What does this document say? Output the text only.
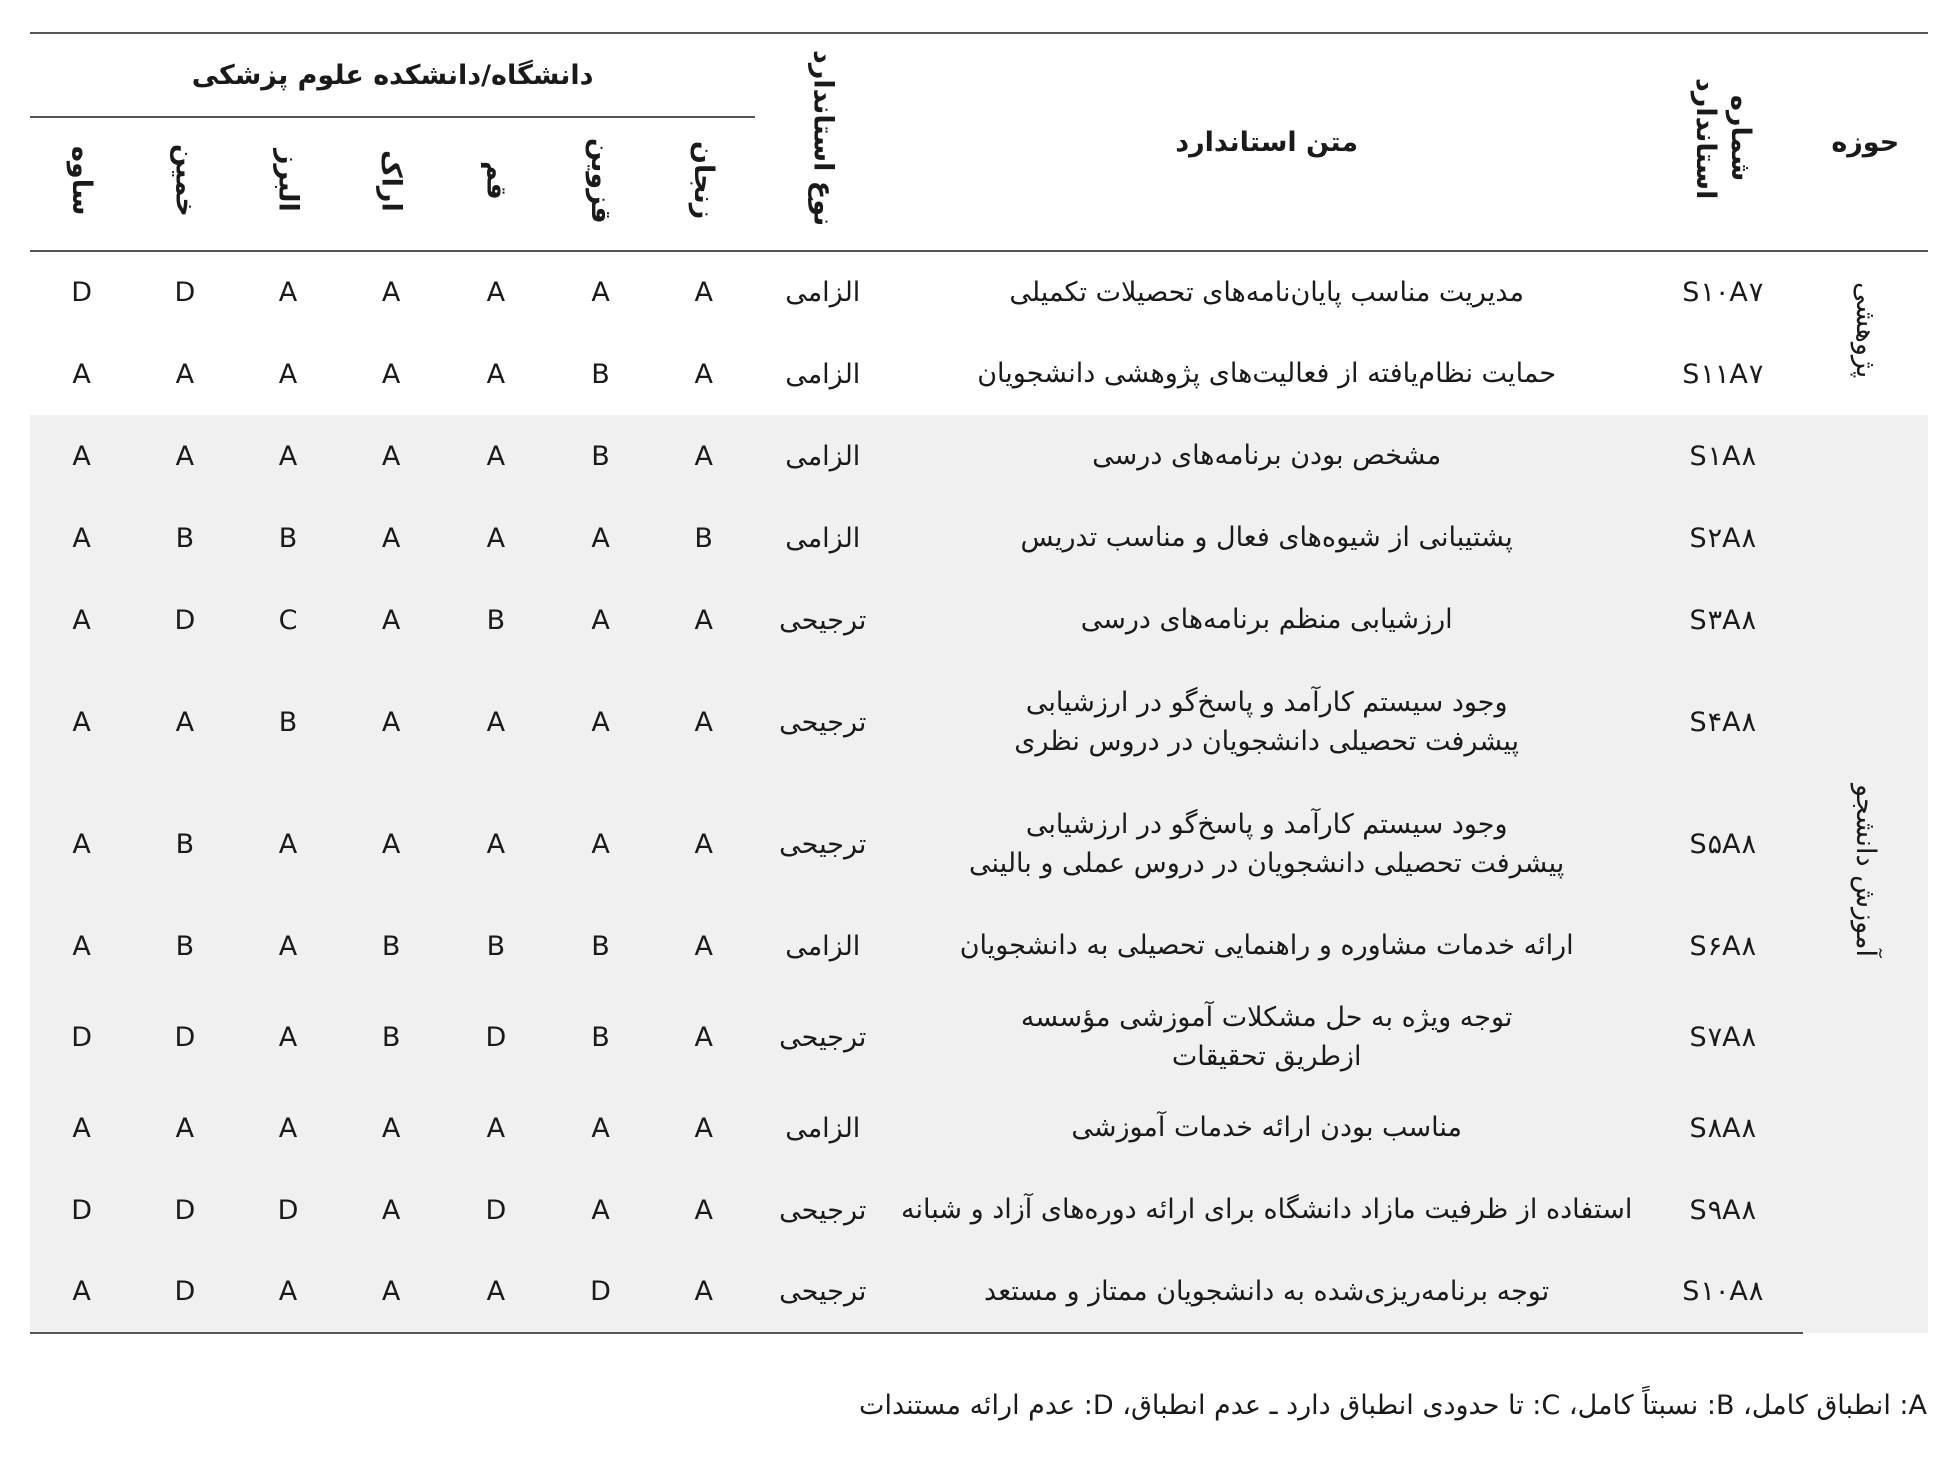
حوزه	شماره استاندارد	متن استاندارد	نوع استاندارد	دانشگاه/دانشکده علوم پزشکی						
				زنجان	قزوین	قم	اراک	البرز	خمین	ساوه
پژوهشی	S۱۰A۷	مدیریت مناسب پایان‌نامه‌های تحصیلات تکمیلی	الزامی	A	A	A	A	A	D	D
	S۱۱A۷	حمایت نظام‌یافته از فعالیت‌های پژوهشی دانشجویان	الزامی	A	B	A	A	A	A	A
آموزش دانشجو	S۱A۸	مشخص بودن برنامه‌های درسی	الزامی	A	B	A	A	A	A	A
	S۲A۸	پشتیبانی از شیوه‌های فعال و مناسب تدریس	الزامی	B	A	A	A	B	B	A
	S۳A۸	ارزشیابی منظم برنامه‌های درسی	ترجیحی	A	A	B	A	C	D	A
	S۴A۸	وجود سیستم کارآمد و پاسخ‌گو در ارزشیابی
پیشرفت تحصیلی دانشجویان در دروس نظری	ترجیحی	A	A	A	A	B	A	A
	S۵A۸	وجود سیستم کارآمد و پاسخ‌گو در ارزشیابی
پیشرفت تحصیلی دانشجویان در دروس عملی و بالینی	ترجیحی	A	A	A	A	A	B	A
	S۶A۸	ارائه خدمات مشاوره و راهنمایی تحصیلی به دانشجویان	الزامی	A	B	B	B	A	B	A
	S۷A۸	توجه ویژه به حل مشکلات آموزشی مؤسسه
ازطریق تحقیقات	ترجیحی	A	B	D	B	A	D	D
	S۸A۸	مناسب بودن ارائه خدمات آموزشی	الزامی	A	A	A	A	A	A	A
	S۹A۸	استفاده از ظرفیت مازاد دانشگاه برای ارائه دوره‌های آزاد و شبانه	ترجیحی	A	A	D	A	D	D	D
	S۱۰A۸	توجه برنامه‌ریزی‌شده به دانشجویان ممتاز و مستعد	ترجیحی	A	D	A	A	A	D	A
A: انطباق کامل، B: نسبتاً کامل، C: تا حدودی انطباق دارد ـ عدم انطباق، D: عدم ارائه مستندات
